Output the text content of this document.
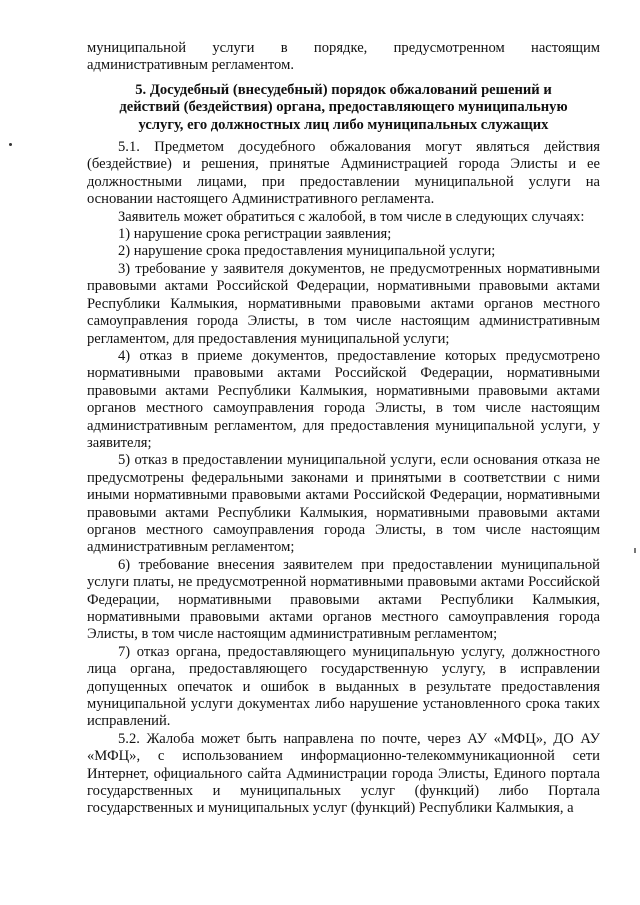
муниципальной услуги в порядке, предусмотренном настоящим административным регламентом.

5. Досудебный (внесудебный) порядок обжалований решений и
действий (бездействия) органа, предоставляющего муниципальную
услугу, его должностных лиц либо муниципальных служащих

5.1. Предметом досудебного обжалования могут являться действия (бездействие) и решения, принятые Администрацией города Элисты и ее должностными лицами, при предоставлении муниципальной услуги на основании настоящего Административного регламента.

Заявитель может обратиться с жалобой, в том числе в следующих случаях:

1) нарушение срока регистрации заявления;

2) нарушение срока предоставления муниципальной услуги;

3) требование у заявителя документов, не предусмотренных нормативными правовыми актами Российской Федерации, нормативными правовыми актами Республики Калмыкия, нормативными правовыми актами органов местного самоуправления города Элисты, в том числе настоящим административным регламентом, для предоставления муниципальной услуги;

4) отказ в приеме документов, предоставление которых предусмотрено нормативными правовыми актами Российской Федерации, нормативными правовыми актами Республики Калмыкия, нормативными правовыми актами органов местного самоуправления города Элисты, в том числе настоящим административным регламентом, для предоставления муниципальной услуги, у заявителя;

5) отказ в предоставлении муниципальной услуги, если основания отказа не предусмотрены федеральными законами и принятыми в соответствии с ними иными нормативными правовыми актами Российской Федерации, нормативными правовыми актами Республики Калмыкия, нормативными правовыми актами органов местного самоуправления города Элисты, в том числе настоящим административным регламентом;

6) требование внесения заявителем при предоставлении муниципальной услуги платы, не предусмотренной нормативными правовыми актами Российской Федерации, нормативными правовыми актами Республики Калмыкия, нормативными правовыми актами органов местного самоуправления города Элисты, в том числе настоящим административным регламентом;

7) отказ органа, предоставляющего муниципальную услугу, должностного лица органа, предоставляющего государственную услугу, в исправлении допущенных опечаток и ошибок в выданных в результате предоставления муниципальной услуги документах либо нарушение установленного срока таких исправлений.

5.2. Жалоба может быть направлена по почте, через АУ «МФЦ», ДО АУ «МФЦ», с использованием информационно-телекоммуникационной сети Интернет, официального сайта Администрации города Элисты, Единого портала государственных и муниципальных услуг (функций) либо Портала государственных и муниципальных услуг (функций) Республики Калмыкия, а
